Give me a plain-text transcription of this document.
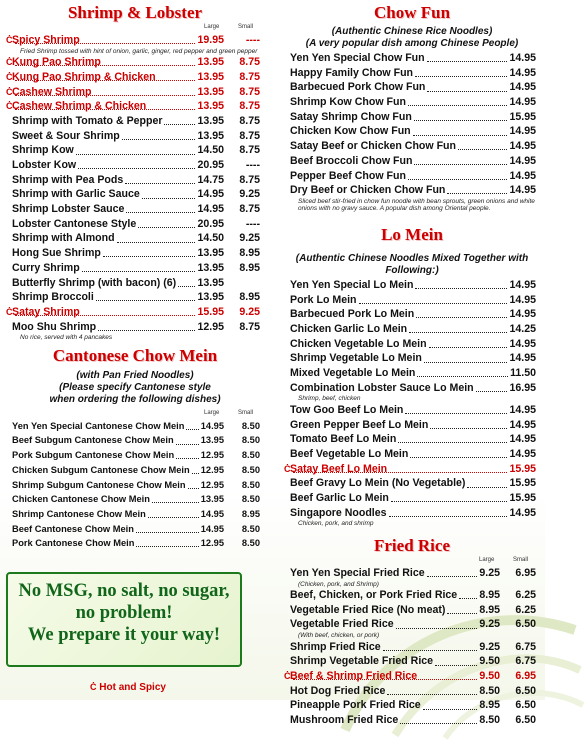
Shrimp & Lobster
Large	Small
Spicy Shrimp
Ċ	19.95 ----
Fried Shrimp tossed with hint of onion, garlic, ginger, red pepper and green pepper
Kung Pao Shrimp
Ċ	13.95 8.75
Kung Pao Shrimp & Chicken
Ċ	13.95 8.75
Cashew Shrimp
Ċ	13.95 8.75
Cashew Shrimp & Chicken
Ċ	13.95 8.75
Shrimp with Tomato & Pepper	13.95 8.75
Sweet & Sour Shrimp	13.95 8.75
Shrimp Kow	14.50 8.75
Lobster Kow	20.95 ----
Shrimp with Pea Pods	14.75 8.75
Shrimp with Garlic Sauce	14.95 9.25
Shrimp Lobster Sauce	14.95 8.75
Lobster Cantonese Style	20.95 ----
Shrimp with Almond	14.50 9.25
Hong Sue Shrimp	13.95 8.95
Curry Shrimp	13.95 8.95
Butterfly Shrimp (with bacon) (6) 13.95
Shrimp Broccoli	13.95 8.95
Satay Shrimp
Ċ	15.95 9.25
Moo Shu Shrimp	12.95 8.75
No rice, served with 4 pancakes
Cantonese Chow Mein
(with Pan Fried Noodles)
(Please specify Cantonese style
when ordering the following dishes)
Large	Small
Yen Yen Special Cantonese Chow Mein 14.95 8.50
Beef Subgum Cantonese Chow Mein	13.95 8.50
Pork Subgum Cantonese Chow Mein	12.95 8.50
Chicken Subgum Cantonese Chow Mein 12.95 8.50
Shrimp Subgum Cantonese Chow Mein 12.95 8.50
Chicken Cantonese Chow Mein	13.95 8.50
Shrimp Cantonese Chow Mein	14.95 8.95
Beef Cantonese Chow Mein	14.95 8.50
Pork Cantonese Chow Mein	12.95 8.50
No MSG, no salt, no sugar,
no problem!
We prepare it your way!
Ċ Hot and Spicy
Chow Fun
(Authentic Chinese Rice Noodles)
(A very popular dish among Chinese People)
Yen Yen Special Chow Fun	14.95
Happy Family Chow Fun	14.95
Barbecued Pork Chow Fun	14.95
Shrimp Kow Chow Fun	14.95
Satay Shrimp Chow Fun	15.95
Chicken Kow Chow Fun	14.95
Satay Beef or Chicken Chow Fun	14.95
Beef Broccoli Chow Fun	14.95
Pepper Beef Chow Fun	14.95
Dry Beef or Chicken Chow Fun	14.95
Sliced beef stir-fried in chow fun noodle with bean sprouts, green onions and white onions with no gravy sauce. A popular dish among Oriental people.
Lo Mein
(Authentic Chinese Noodles Mixed Together with Following:)
Yen Yen Special Lo Mein	14.95
Pork Lo Mein	14.95
Barbecued Pork Lo Mein	14.95
Chicken Garlic Lo Mein	14.25
Chicken Vegetable Lo Mein	14.95
Shrimp Vegetable Lo Mein	14.95
Mixed Vegetable Lo Mein	11.50
Combination Lobster Sauce Lo Mein	16.95
Shrimp, beef, chicken
Tow Goo Beef Lo Mein	14.95
Green Pepper Beef Lo Mein	14.95
Tomato Beef Lo Mein	14.95
Beef Vegetable Lo Mein	14.95
Satay Beef Lo Mein
Ċ	15.95
Beef Gravy Lo Mein (No Vegetable)	15.95
Beef Garlic Lo Mein	15.95
Singapore Noodles	14.95
Chicken, pork, and shrimp
Fried Rice
Large	Small
Yen Yen Special Fried Rice	9.25 6.95
(Chicken, pork, and Shrimp)
Beef, Chicken, or Pork Fried Rice 8.95 6.25
Vegetable Fried Rice (No meat)	8.95 6.25
Vegetable Fried Rice	9.25 6.50
(With beef, chicken, or pork)
Shrimp Fried Rice	9.25 6.75
Shrimp Vegetable Fried Rice	9.50 6.75
Beef & Shrimp Fried Rice
Ċ	9.50 6.95
Hot Dog Fried Rice	8.50 6.50
Pineapple Pork Fried Rice	8.95 6.50
Mushroom Fried Rice	8.50 6.50
